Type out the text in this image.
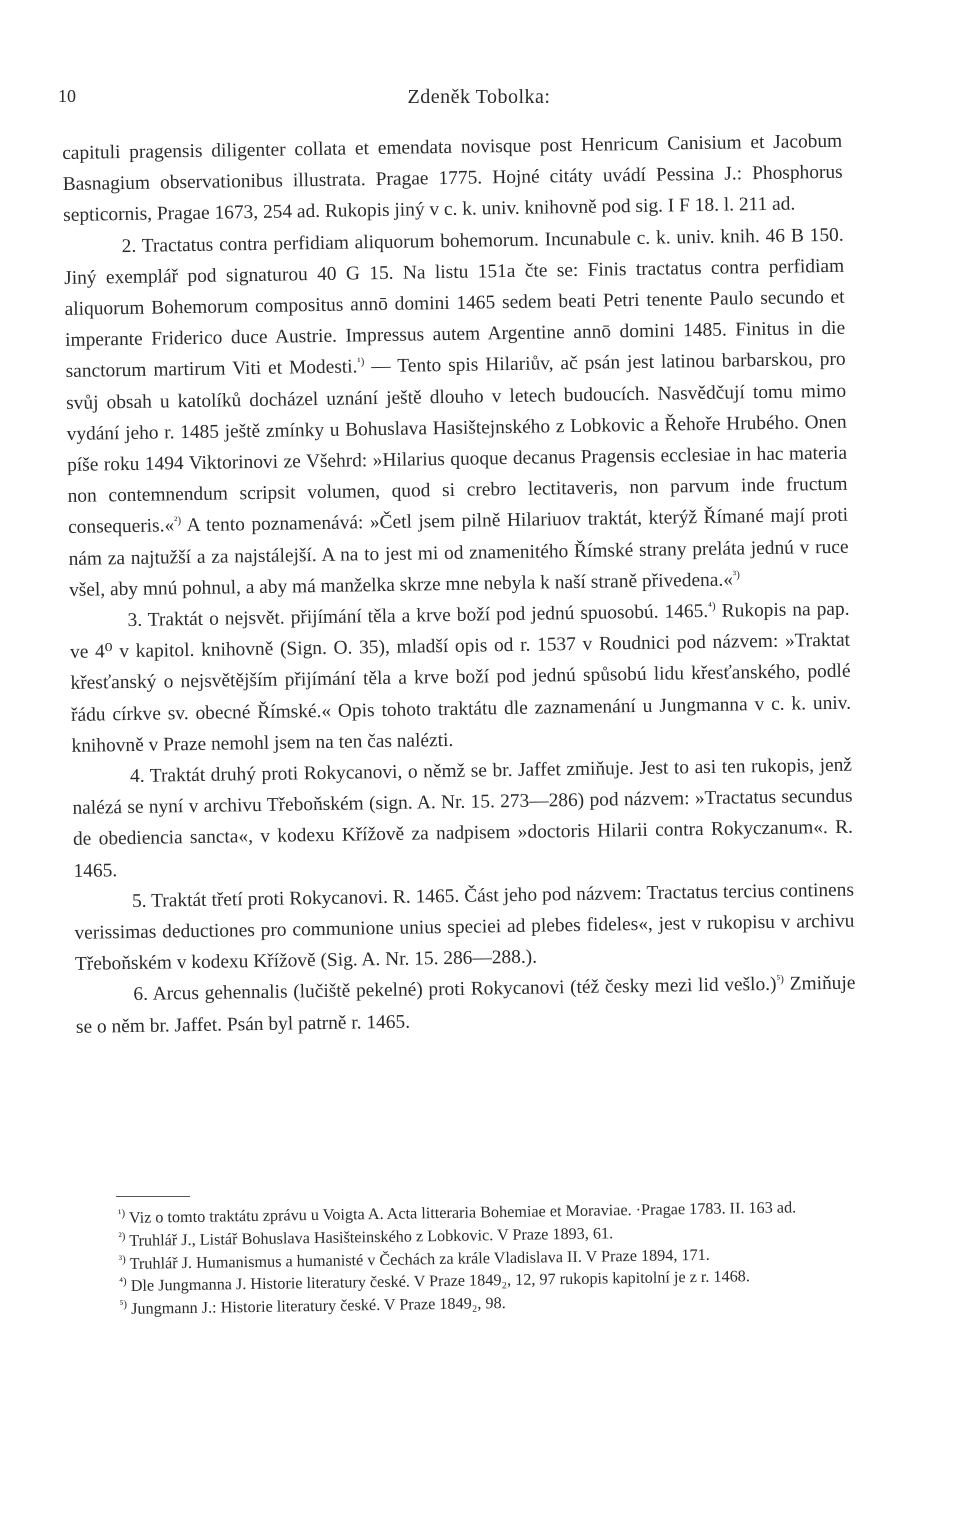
10	Zdeněk Tobolka:

capituli pragensis diligenter collata et emendata novisque post Henricum Canisium et Jacobum Basnagium observationibus illustrata. Pragae 1775. Hojné citáty uvádí Pessina J.: Phosphorus septicornis, Pragae 1673, 254 ad. Rukopis jiný v c. k. univ. knihovně pod sig. I F 18. l. 211 ad.

2. Tractatus contra perfidiam aliquorum bohemorum. Incunabule c. k. univ. knih. 46 B 150. Jiný exemplář pod signaturou 40 G 15. Na listu 151a čte se: Finis tractatus contra perfidiam aliquorum Bohemorum compositus annō domini 1465 sedem beati Petri tenente Paulo secundo et imperante Friderico duce Austrie. Impressus autem Argentine annō domini 1485. Finitus in die sanctorum martirum Viti et Modesti.$^{^1)}$ — Tento spis Hilariův, ač psán jest latinou barbarskou, pro svůj obsah u katolíků docházel uznání ještě dlouho v letech budoucích. Nasvědčují tomu mimo vydání jeho r. 1485 ještě zmínky u Bohuslava Hasištejnského z Lobkovic a Řehoře Hrubého. Onen píše roku 1494 Viktorinovi ze Všehrd: »Hilarius quoque decanus Pragensis ecclesiae in hac materia non contemnendum scripsit volumen, quod si crebro lectitaveris, non parvum inde fructum consequeris.«$^{^2)}$ A tento poznamenává: »Četl jsem pilně Hilariuov traktát, kterýž Římané mají proti nám za najtužší a za najstálejší. A na to jest mi od znamenitého Římské strany preláta jednú v ruce všel, aby mnú pohnul, a aby má manželka skrze mne nebyla k naší straně přivedena.«$^{^3)}$

3. Traktát o nejsvět. přijímání těla a krve boží pod jednú spuosobú. 1465.$^{^4)}$ Rukopis na pap. ve 4⁰ v kapitol. knihovně (Sign. O. 35), mladší opis od r. 1537 v Roudnici pod názvem: »Traktat křesťanský o nejsvětějším přijímání těla a krve boží pod jednú spůsobú lidu křesťanského, podlé řádu církve sv. obecné Římské.« Opis tohoto traktátu dle zaznamenání u Jungmanna v c. k. univ. knihovně v Praze nemohl jsem na ten čas nalézti.

4. Traktát druhý proti Rokycanovi, o němž se br. Jaffet zmiňuje. Jest to asi ten rukopis, jenž nalézá se nyní v archivu Třeboňském (sign. A. Nr. 15. 273—286) pod názvem: »Tractatus secundus de obediencia sancta«, v kodexu Křížově za nadpisem »doctoris Hilarii contra Rokyczanum«. R. 1465.

5. Traktát třetí proti Rokycanovi. R. 1465. Část jeho pod názvem: Tractatus tercius continens verissimas deductiones pro communione unius speciei ad plebes fideles«, jest v rukopisu v archivu Třeboňském v kodexu Křížově (Sig. A. Nr. 15. 286—288.).

6. Arcus gehennalis (lučiště pekelné) proti Rokycanovi (též česky mezi lid vešlo.)$^{^5)}$ Zmiňuje se o něm br. Jaffet. Psán byl patrně r. 1465.

$^{^1)}$ Viz o tomto traktátu zprávu u Voigta A. Acta litteraria Bohemiae et Moraviae. ·Pragae 1783. II. 163 ad.

$^{^2)}$ Truhlář J., Listář Bohuslava Hasišteinského z Lobkovic. V Praze 1893, 61.

$^{^3)}$ Truhlář J. Humanismus a humanisté v Čechách za krále Vladislava II. V Praze 1894, 171.

$^{^4)}$ Dle Jungmanna J. Historie literatury české. V Praze 1849₂, 12, 97 rukopis kapitolní je z r. 1468.

$^{^5)}$ Jungmann J.: Historie literatury české. V Praze 1849₂, 98.
